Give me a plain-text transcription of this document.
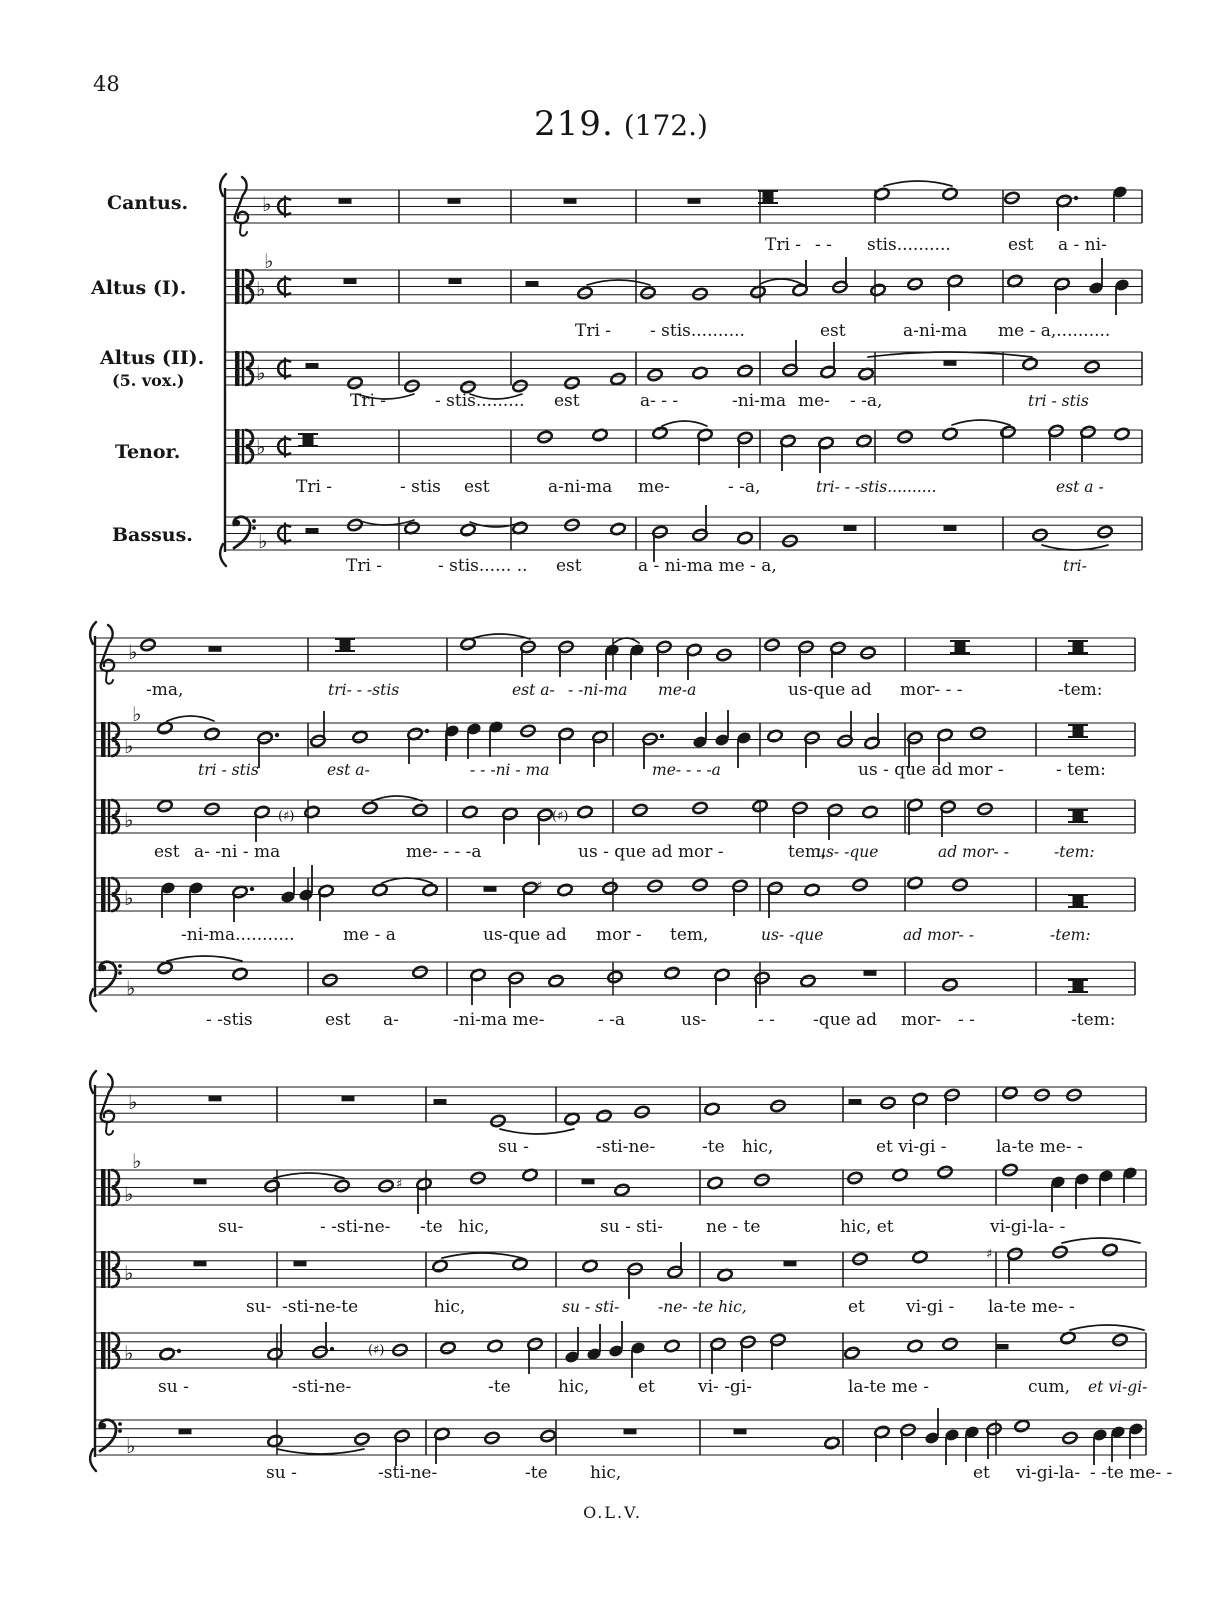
48
219. (172.)
Cantus.
Altus (I).
Altus (II).
(5. vox.)
Tenor.
Bassus.
♭
Tri - - - stis..........	est a - ni-
♭
♭
Tri - - stis..........	est	a-ni-ma me - a,..........
♭
Tri -	- stis......... est	a- - -	-ni-ma me- - -a,	tri - stis
♭
Tri -	- stis est	a-ni-ma me-	- -a,	tri- - -stis..........	est a -
♭
Tri -	- stis...... .. est	a - ni-ma me - a,	tri-
♭
-ma,	tri- - -stis	est a- - -ni-ma me-a	us-que ad mor- - -	-tem:
♭
♭
tri - stis	est a-	- - -ni - ma	me- - - -a	us - que ad mor -	- tem:
♭	(♯)	(♯)
est a- -ni - ma	me- - - -a	us - que ad mor -	tem,
us- -que	ad mor- -	-tem:
♭	♯
-ni-ma...........	me - a	us-que ad mor - tem,	us- -que	ad mor- -	-tem:
♭
- -stis	est a-	-ni-ma me-	- -a	us-	- - -que ad mor- - -	-tem:
♭
su -	-sti-ne-	-te hic,	et vi-gi -	la-te me- -
♭
♭	♯
su-	- -sti-ne- -te hic,	su - sti-	ne - te	hic, et	vi-gi-la- -
♭
♯
su- -sti-ne-te	hic,	su - sti- -ne- -te hic,	et vi-gi - la-te me- -
♭	(♯)
su -	-sti-ne-	-te	hic,	et	vi- -gi-	la-te me -	cum, et vi-gi-
♭
su -	-sti-ne-	-te hic,	et vi-gi-la- - -te me- -
O.L.V.
